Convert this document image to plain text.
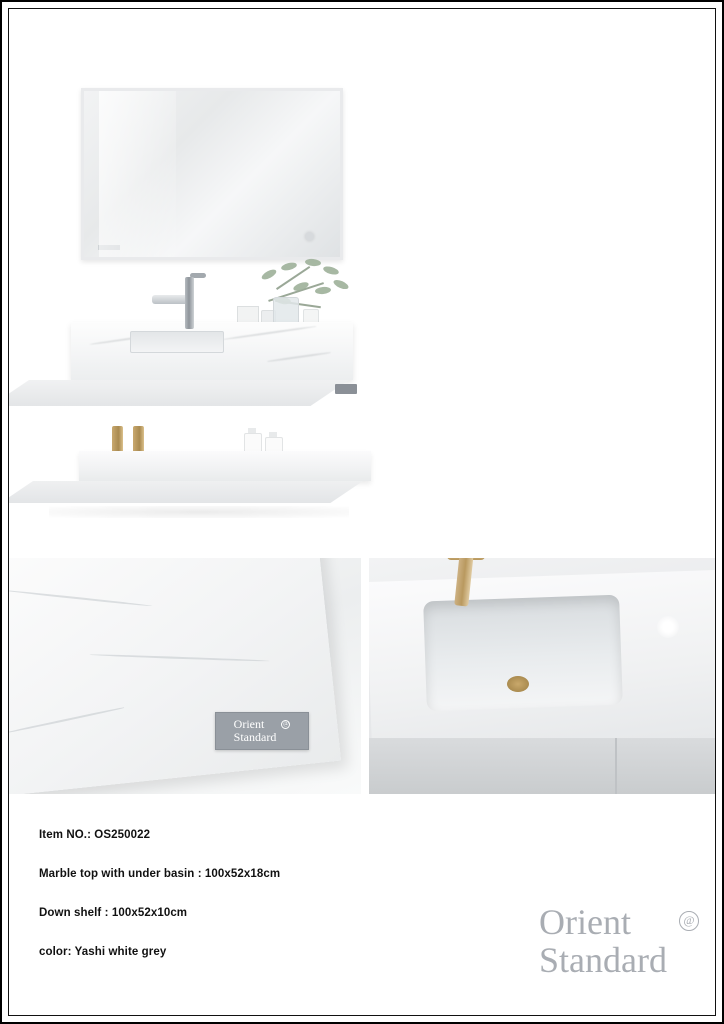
Orient
Standard
@
Item NO.: OS250022
Marble top with under basin : 100x52x18cm
Down shelf : 100x52x10cm
color: Yashi white grey
Orient
Standard
@
